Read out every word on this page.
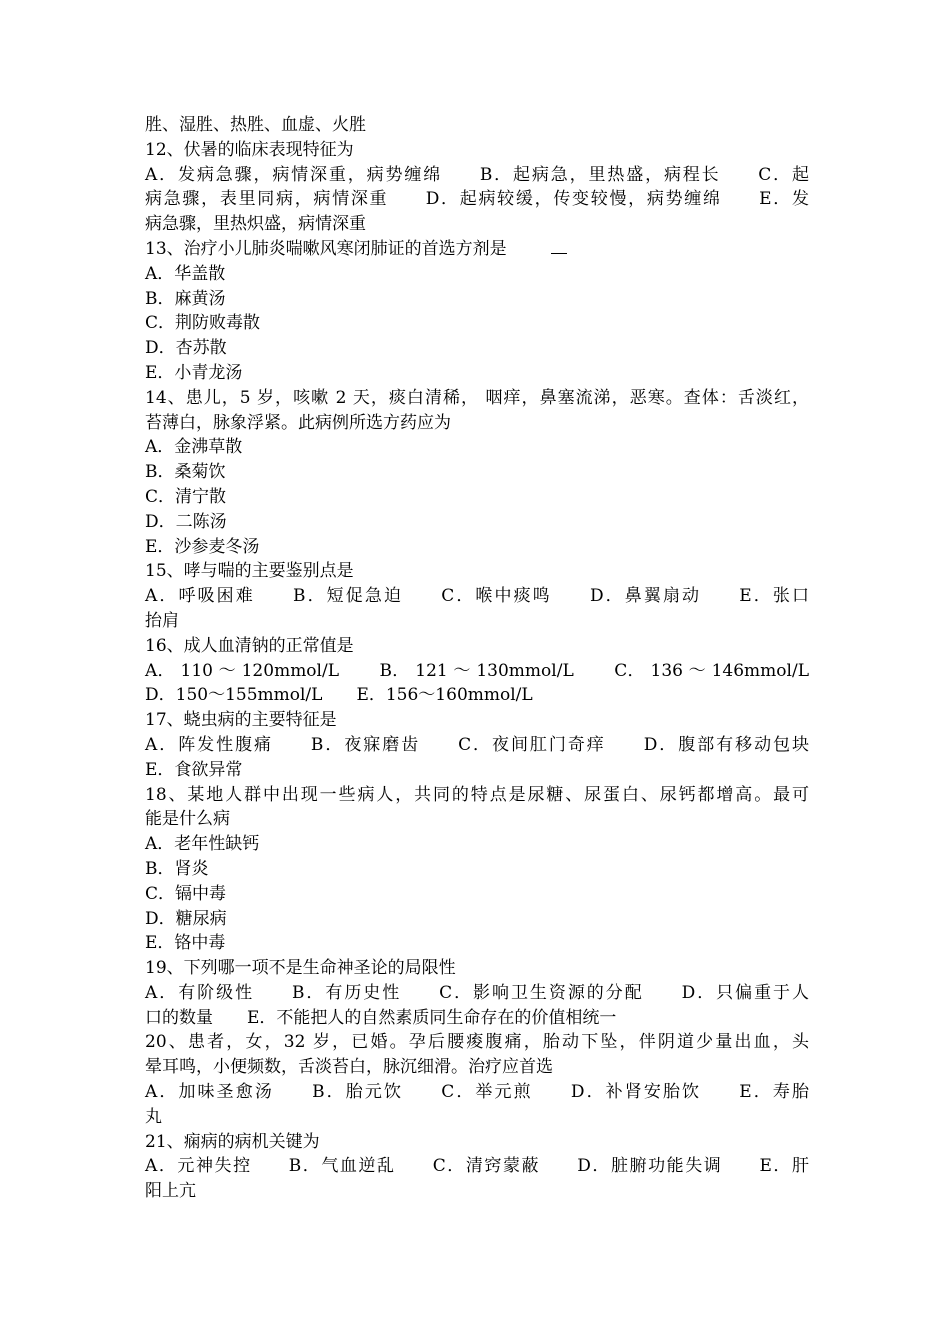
胜、湿胜、热胜、血虚、火胜
12、伏暑的临床表现特征为
A．发病急骤，病情深重，病势缠绵　　B．起病急，里热盛，病程长　　C．起
病急骤，表里同病，病情深重　　D．起病较缓，传变较慢，病势缠绵　　E．发
病急骤，里热炽盛，病情深重
13、治疗小儿肺炎喘嗽风寒闭肺证的首选方剂是
A．华盖散
B．麻黄汤
C．荆防败毒散
D．杏苏散
E．小青龙汤
14、患儿，5 岁，咳嗽 2 天，痰白清稀， 咽痒，鼻塞流涕，恶寒。查体：舌淡红，
苔薄白，脉象浮紧。此病例所选方药应为
A．金沸草散
B．桑菊饮
C．清宁散
D．二陈汤
E．沙参麦冬汤
15、哮与喘的主要鉴别点是
A．呼吸困难　　B．短促急迫　　C．喉中痰鸣　　D．鼻翼扇动　　E．张口
抬肩
16、成人血清钠的正常值是
A． 110 ～ 120mmol/L　　 B． 121 ～ 130mmol/L　　 C． 136 ～ 146mmol/L
D．150～155mmol/L　　E．156～160mmol/L
17、蛲虫病的主要特征是
A．阵发性腹痛　　B．夜寐磨齿　　C．夜间肛门奇痒　　D．腹部有移动包块
E．食欲异常
18、某地人群中出现一些病人，共同的特点是尿糖、尿蛋白、尿钙都增高。最可
能是什么病
A．老年性缺钙
B．肾炎
C．镉中毒
D．糖尿病
E．铬中毒
19、下列哪一项不是生命神圣论的局限性
A．有阶级性　　B．有历史性　　C．影响卫生资源的分配　　D．只偏重于人
口的数量　　E．不能把人的自然素质同生命存在的价值相统一
20、患者，女，32 岁，已婚。孕后腰痠腹痛，胎动下坠，伴阴道少量出血，头
晕耳鸣，小便频数，舌淡苔白，脉沉细滑。治疗应首选
A．加味圣愈汤　　B．胎元饮　　C．举元煎　　D．补肾安胎饮　　E．寿胎
丸
21、痫病的病机关键为
A．元神失控　　B．气血逆乱　　C．清窍蒙蔽　　D．脏腑功能失调　　E．肝
阳上亢
